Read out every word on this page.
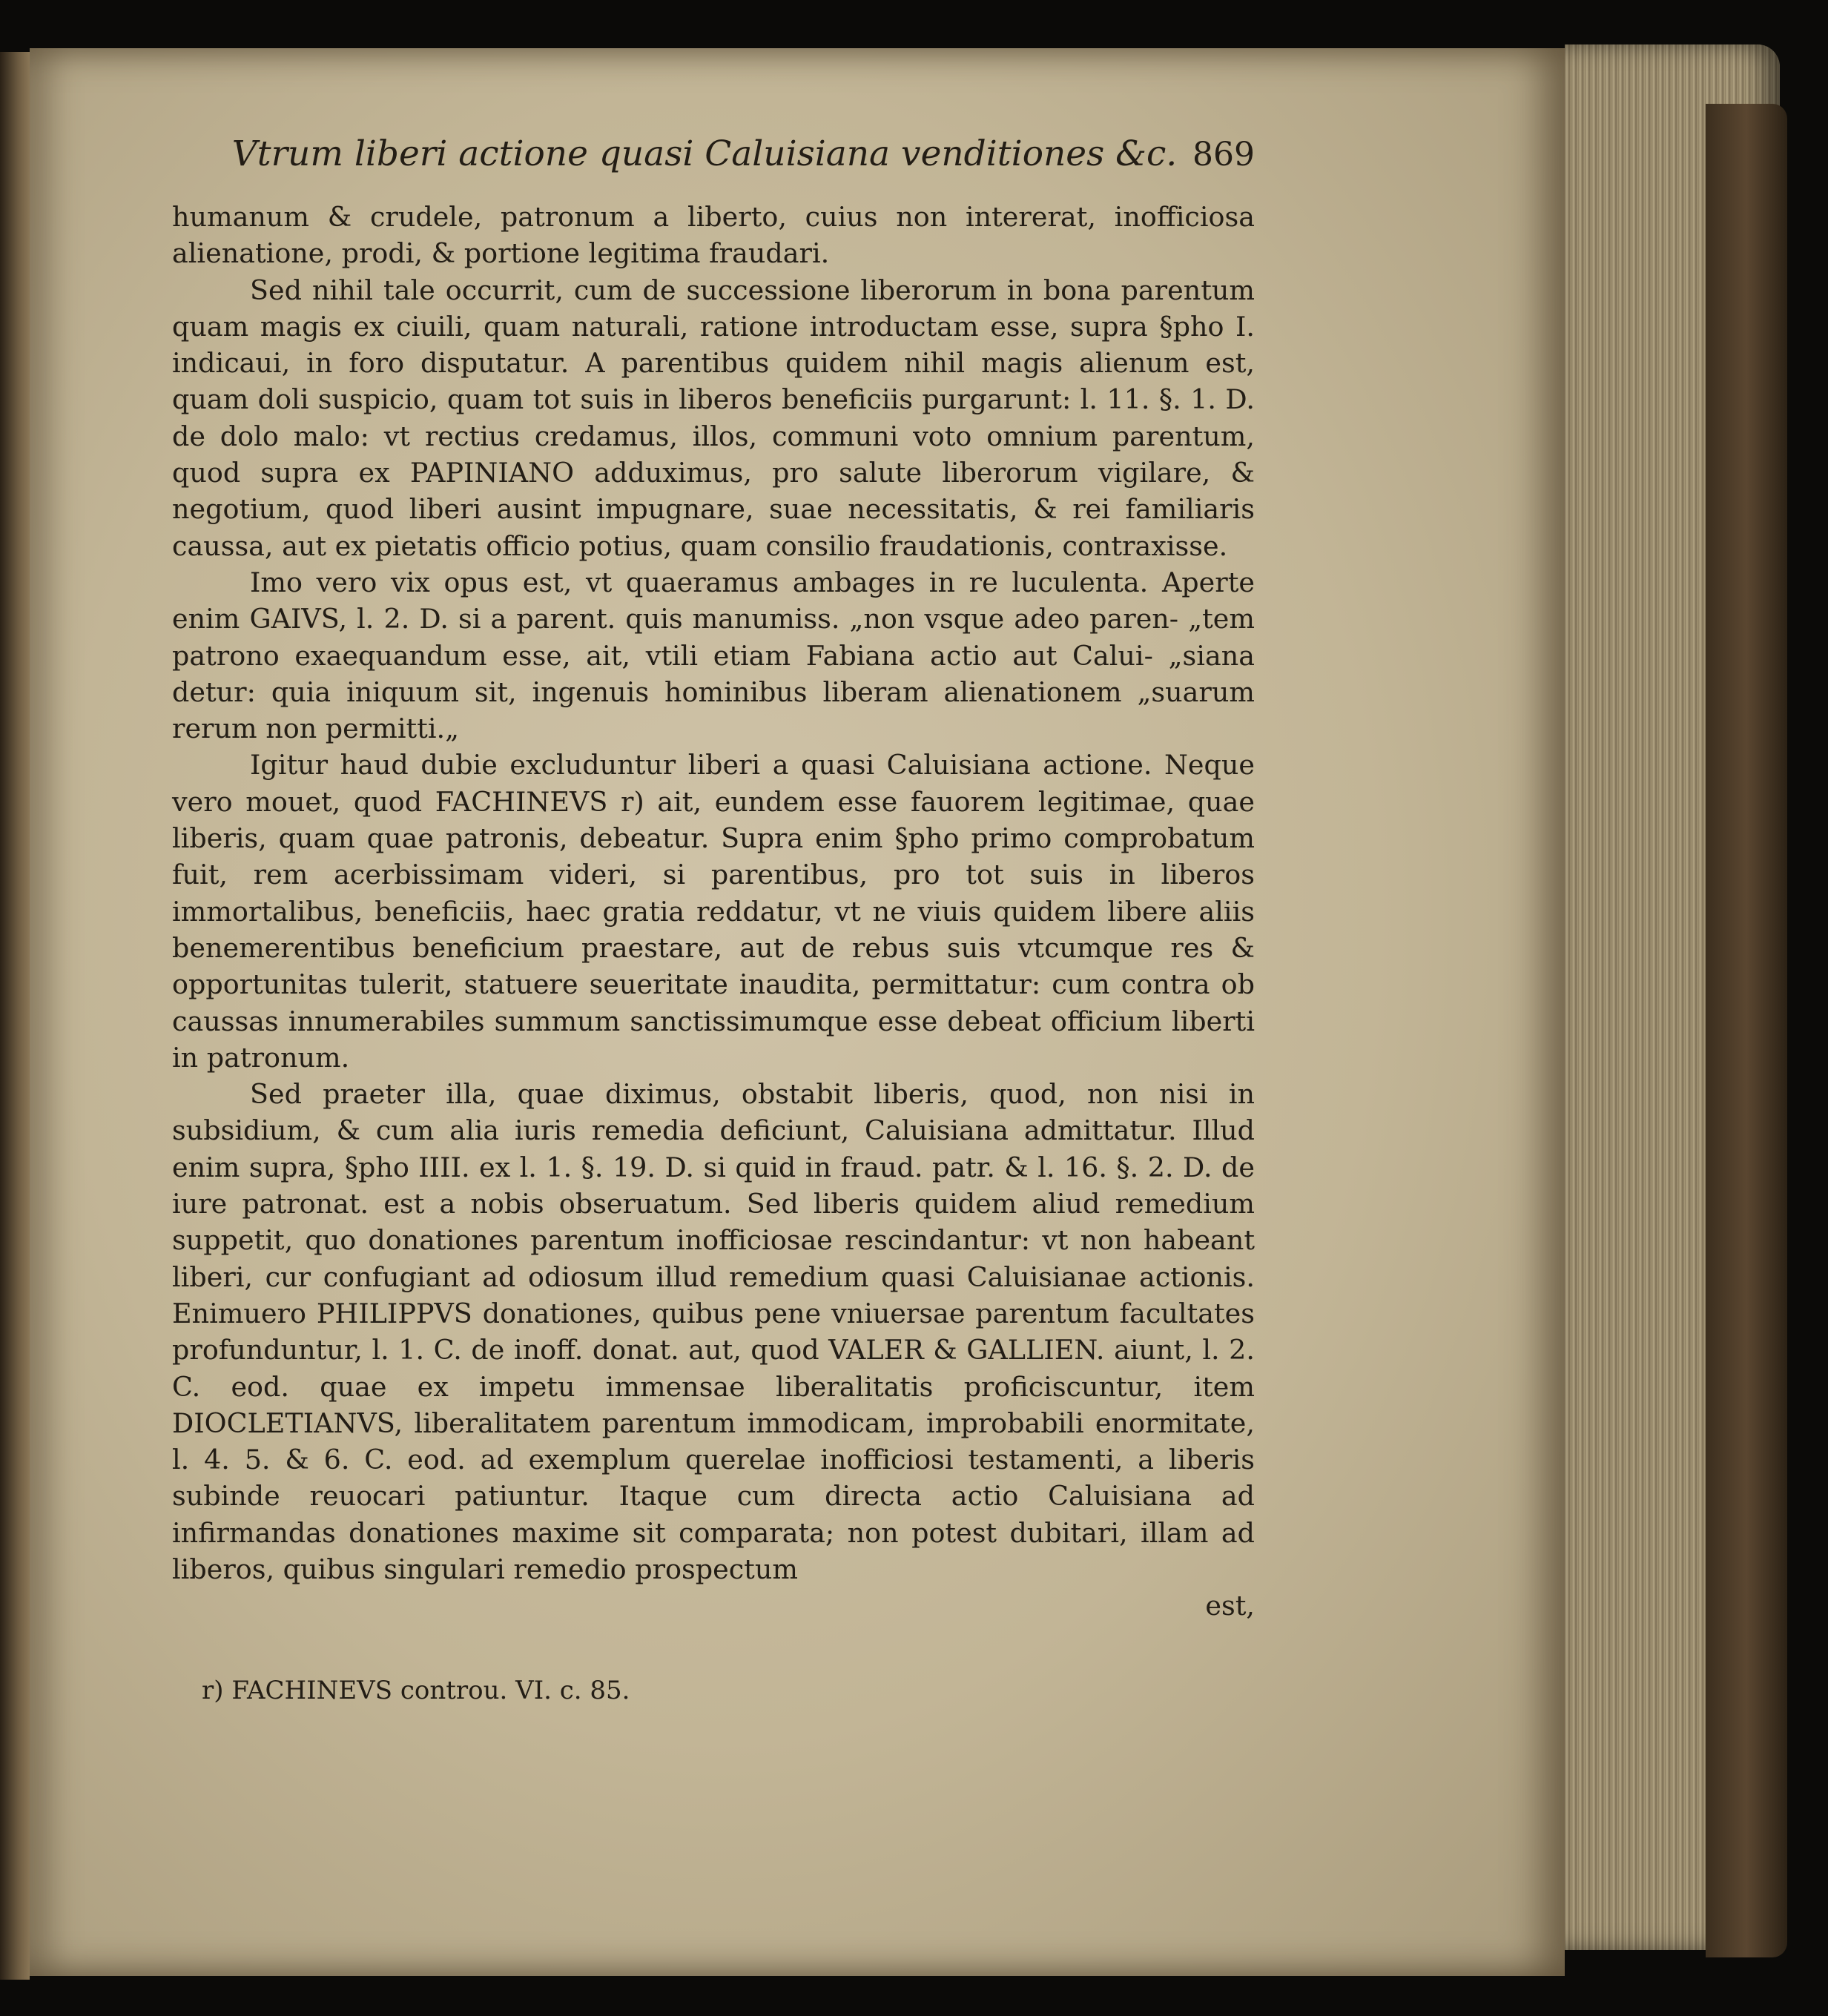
Vtrum liberi actione quasi Caluisiana venditiones &c. 869

humanum & crudele, patronum a liberto, cuius non intererat, inofficiosa alienatione, prodi, & portione legitima fraudari.

Sed nihil tale occurrit, cum de successione liberorum in bona parentum quam magis ex ciuili, quam naturali, ratione introductam esse, supra §pho I. indicaui, in foro disputatur. A parentibus quidem nihil magis alienum est, quam doli suspicio, quam tot suis in liberos beneficiis purgarunt: l. 11. §. 1. D. de dolo malo: vt rectius credamus, illos, communi voto omnium parentum, quod supra ex PAPINIANO adduximus, pro salute liberorum vigilare, & negotium, quod liberi ausint impugnare, suae necessitatis, & rei familiaris caussa, aut ex pietatis officio potius, quam consilio fraudationis, contraxisse.

Imo vero vix opus est, vt quaeramus ambages in re luculenta. Aperte enim GAIVS, l. 2. D. si a parent. quis manumiss. „non vsque adeo paren- „tem patrono exaequandum esse, ait, vtili etiam Fabiana actio aut Calui- „siana detur: quia iniquum sit, ingenuis hominibus liberam alienationem „suarum rerum non permitti.„

Igitur haud dubie excluduntur liberi a quasi Caluisiana actione. Neque vero mouet, quod FACHINEVS r) ait, eundem esse fauorem legitimae, quae liberis, quam quae patronis, debeatur. Supra enim §pho primo comprobatum fuit, rem acerbissimam videri, si parentibus, pro tot suis in liberos immortalibus, beneficiis, haec gratia reddatur, vt ne viuis quidem libere aliis benemerentibus beneficium praestare, aut de rebus suis vtcumque res & opportunitas tulerit, statuere seueritate inaudita, permittatur: cum contra ob caussas innumerabiles summum sanctissimumque esse debeat officium liberti in patronum.

Sed praeter illa, quae diximus, obstabit liberis, quod, non nisi in subsidium, & cum alia iuris remedia deficiunt, Caluisiana admittatur. Illud enim supra, §pho IIII. ex l. 1. §. 19. D. si quid in fraud. patr. & l. 16. §. 2. D. de iure patronat. est a nobis obseruatum. Sed liberis quidem aliud remedium suppetit, quo donationes parentum inofficiosae rescindantur: vt non habeant liberi, cur confugiant ad odiosum illud remedium quasi Caluisianae actionis. Enimuero PHILIPPVS donationes, quibus pene vniuersae parentum facultates profunduntur, l. 1. C. de inoff. donat. aut, quod VALER & GALLIEN. aiunt, l. 2. C. eod. quae ex impetu immensae liberalitatis proficiscuntur, item DIOCLETIANVS, liberalitatem parentum immodicam, improbabili enormitate, l. 4. 5. & 6. C. eod. ad exemplum querelae inofficiosi testamenti, a liberis subinde reuocari patiuntur. Itaque cum directa actio Caluisiana ad infirmandas donationes maxime sit comparata; non potest dubitari, illam ad liberos, quibus singulari remedio prospectum

est,

r) FACHINEVS controu. VI. c. 85.
